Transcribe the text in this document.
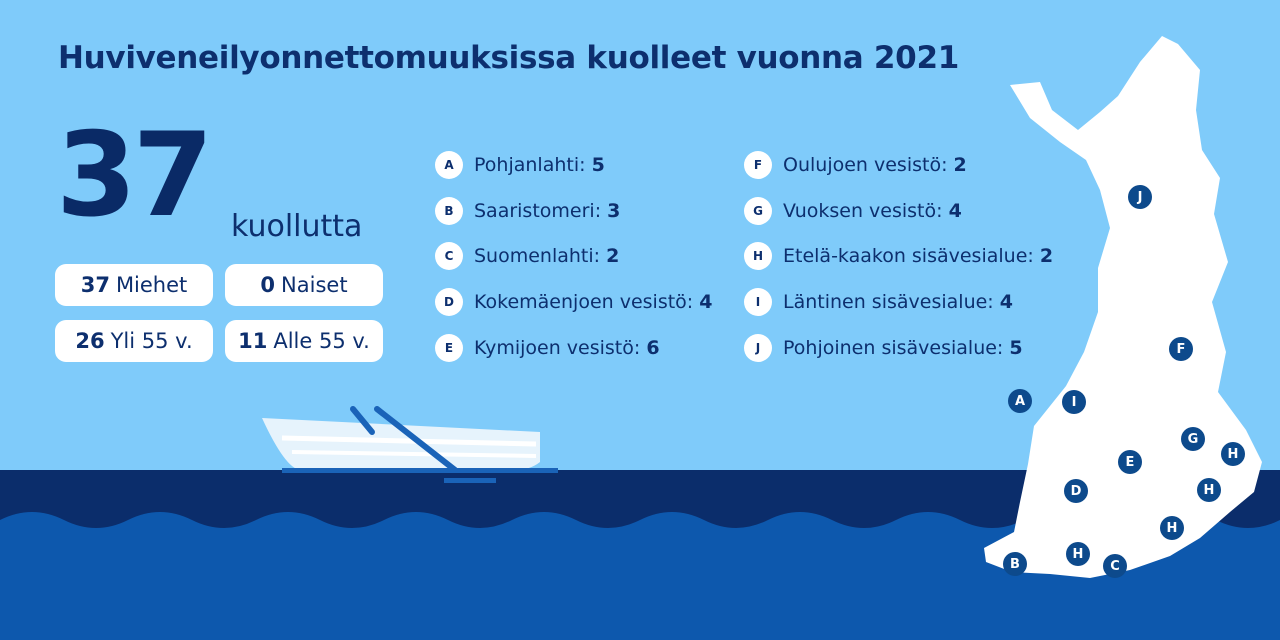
Huviveneilyonnettomuuksissa kuolleet vuonna 2021
37 kuollutta
37 Miehet	0 Naiset
26 Yli 55 v. 11 Alle 55 v.
A	Pohjanlahti: 5
B	Saaristomeri: 3
C	Suomenlahti: 2
D	Kokemäenjoen vesistö: 4
E	Kymijoen vesistö: 6
F	Oulujoen vesistö: 2
G	Vuoksen vesistö: 4
H	Etelä-kaakon sisävesialue: 2
I	Läntinen sisävesialue: 4
J	Pohjoinen sisävesialue: 5
J
F
A	I
G
H
E
H
D
H
H
B	C
